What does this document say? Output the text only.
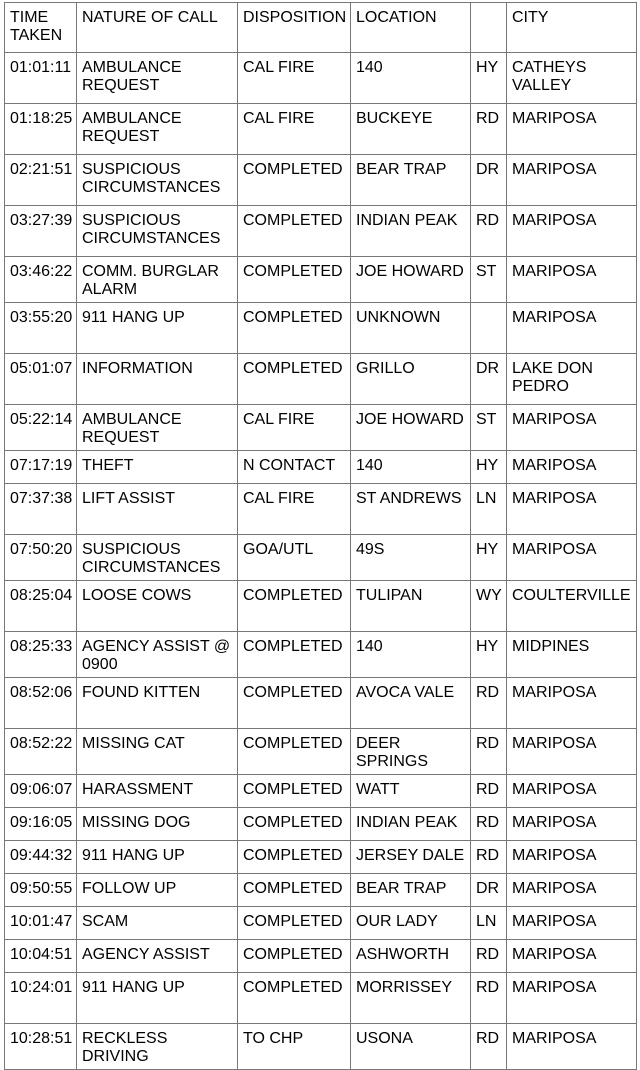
TIME TAKEN	NATURE OF CALL	DISPOSITION	LOCATION		CITY
01:01:11	AMBULANCE REQUEST	CAL FIRE	140	HY	CATHEYS VALLEY
01:18:25	AMBULANCE REQUEST	CAL FIRE	BUCKEYE	RD	MARIPOSA
02:21:51	SUSPICIOUS CIRCUMSTANCES	COMPLETED	BEAR TRAP	DR	MARIPOSA
03:27:39	SUSPICIOUS CIRCUMSTANCES	COMPLETED	INDIAN PEAK	RD	MARIPOSA
03:46:22	COMM. BURGLAR ALARM	COMPLETED	JOE HOWARD	ST	MARIPOSA
03:55:20	911 HANG UP	COMPLETED	UNKNOWN		MARIPOSA
05:01:07	INFORMATION	COMPLETED	GRILLO	DR	LAKE DON PEDRO
05:22:14	AMBULANCE REQUEST	CAL FIRE	JOE HOWARD	ST	MARIPOSA
07:17:19	THEFT	N CONTACT	140	HY	MARIPOSA
07:37:38	LIFT ASSIST	CAL FIRE	ST ANDREWS	LN	MARIPOSA
07:50:20	SUSPICIOUS CIRCUMSTANCES	GOA/UTL	49S	HY	MARIPOSA
08:25:04	LOOSE COWS	COMPLETED	TULIPAN	WY	COULTERVILLE
08:25:33	AGENCY ASSIST @ 0900	COMPLETED	140	HY	MIDPINES
08:52:06	FOUND KITTEN	COMPLETED	AVOCA VALE	RD	MARIPOSA
08:52:22	MISSING CAT	COMPLETED	DEER SPRINGS	RD	MARIPOSA
09:06:07	HARASSMENT	COMPLETED	WATT	RD	MARIPOSA
09:16:05	MISSING DOG	COMPLETED	INDIAN PEAK	RD	MARIPOSA
09:44:32	911 HANG UP	COMPLETED	JERSEY DALE	RD	MARIPOSA
09:50:55	FOLLOW UP	COMPLETED	BEAR TRAP	DR	MARIPOSA
10:01:47	SCAM	COMPLETED	OUR LADY	LN	MARIPOSA
10:04:51	AGENCY ASSIST	COMPLETED	ASHWORTH	RD	MARIPOSA
10:24:01	911 HANG UP	COMPLETED	MORRISSEY	RD	MARIPOSA
10:28:51	RECKLESS DRIVING	TO CHP	USONA	RD	MARIPOSA
